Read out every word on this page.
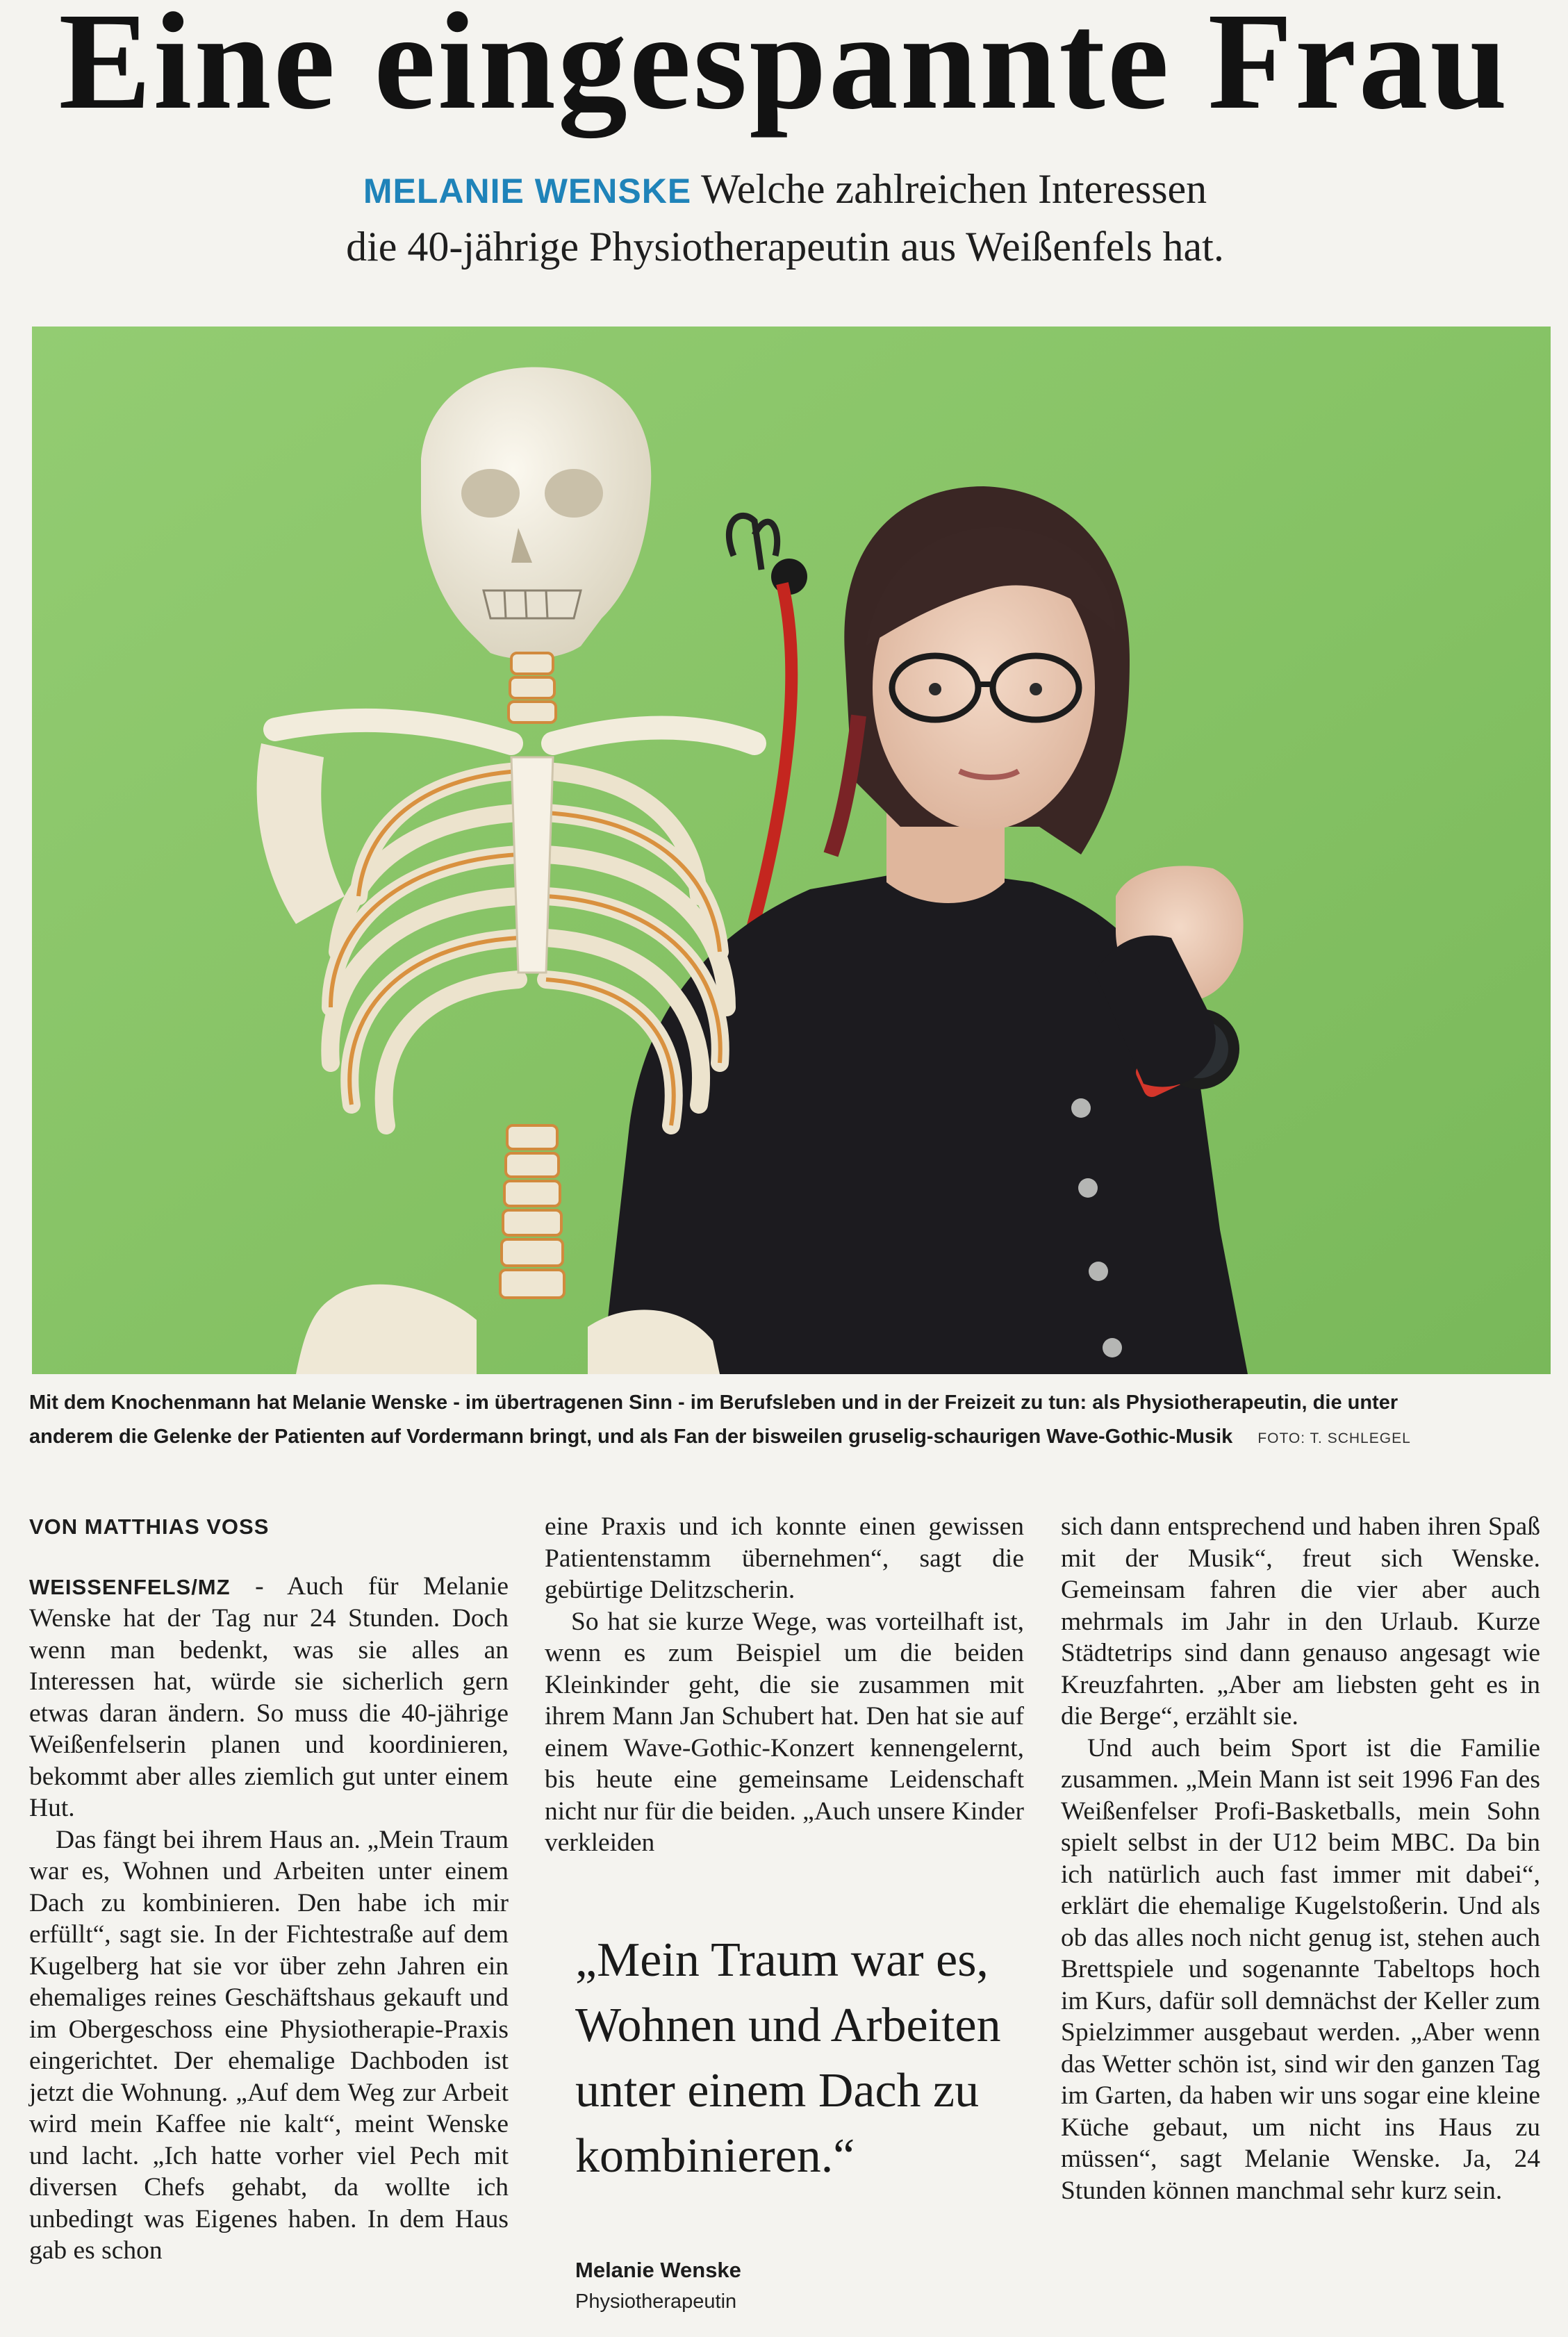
Eine eingespannte Frau
MELANIE WENSKE Welche zahlreichen Interessen
die 40-jährige Physiotherapeutin aus Weißenfels hat.
Mit dem Knochenmann hat Melanie Wenske - im übertragenen Sinn - im Berufsleben und in der Freizeit zu tun: als Physiotherapeutin, die unter
anderem die Gelenke der Patienten auf Vordermann bringt, und als Fan der bisweilen gruselig-schaurigen Wave-Gothic-Musik FOTO: T. SCHLEGEL

VON MATTHIAS VOSS

WEISSENFELS/MZ - Auch für Melanie Wenske hat der Tag nur 24 Stunden. Doch wenn man bedenkt, was sie alles an Interessen hat, würde sie sicherlich gern etwas daran ändern. So muss die 40-jährige Weißenfelserin planen und koordinieren, bekommt aber alles ziemlich gut unter einem Hut.

Das fängt bei ihrem Haus an. „Mein Traum war es, Wohnen und Arbeiten unter einem Dach zu kombinieren. Den habe ich mir erfüllt“, sagt sie. In der Fichtestraße auf dem Kugelberg hat sie vor über zehn Jahren ein ehemaliges reines Geschäftshaus gekauft und im Obergeschoss eine Physiotherapie-Praxis eingerichtet. Der ehemalige Dachboden ist jetzt die Wohnung. „Auf dem Weg zur Arbeit wird mein Kaffee nie kalt“, meint Wenske und lacht. „Ich hatte vorher viel Pech mit diversen Chefs gehabt, da wollte ich unbedingt was Eigenes haben. In dem Haus gab es schon

eine Praxis und ich konnte einen gewissen Patientenstamm übernehmen“, sagt die gebürtige Delitzscherin.

So hat sie kurze Wege, was vorteilhaft ist, wenn es zum Beispiel um die beiden Kleinkinder geht, die sie zusammen mit ihrem Mann Jan Schubert hat. Den hat sie auf einem Wave-Gothic-Konzert kennengelernt, bis heute eine gemeinsame Leidenschaft nicht nur für die beiden. „Auch unsere Kinder verkleiden

„Mein Traum war es, Wohnen und Arbeiten unter einem Dach zu kombinieren.“
Melanie Wenske
Physiotherapeutin

sich dann entsprechend und haben ihren Spaß mit der Musik“, freut sich Wenske. Gemeinsam fahren die vier aber auch mehrmals im Jahr in den Urlaub. Kurze Städtetrips sind dann genauso angesagt wie Kreuzfahrten. „Aber am liebsten geht es in die Berge“, erzählt sie.

Und auch beim Sport ist die Familie zusammen. „Mein Mann ist seit 1996 Fan des Weißenfelser Profi-Basketballs, mein Sohn spielt selbst in der U12 beim MBC. Da bin ich natürlich auch fast immer mit dabei“, erklärt die ehemalige Kugelstoßerin. Und als ob das alles noch nicht genug ist, stehen auch Brettspiele und sogenannte Tabeltops hoch im Kurs, dafür soll demnächst der Keller zum Spielzimmer ausgebaut werden. „Aber wenn das Wetter schön ist, sind wir den ganzen Tag im Garten, da haben wir uns sogar eine kleine Küche gebaut, um nicht ins Haus zu müssen“, sagt Melanie Wenske. Ja, 24 Stunden können manchmal sehr kurz sein.
